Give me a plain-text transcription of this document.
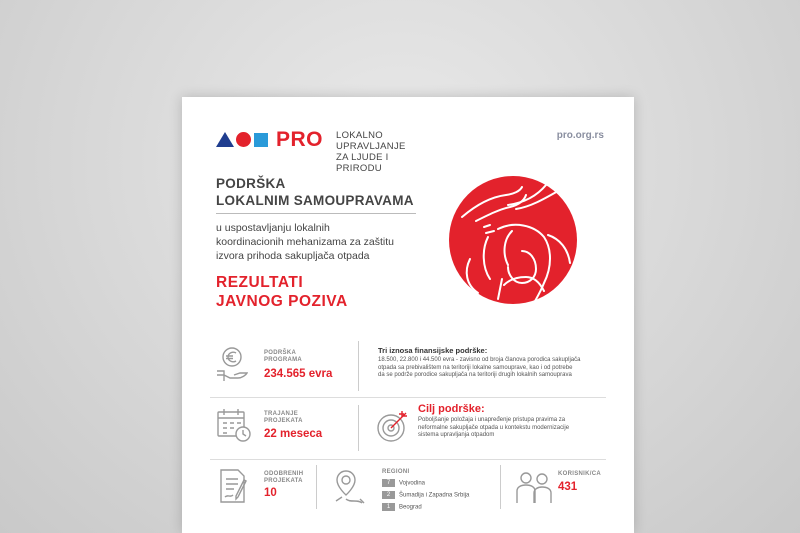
PRO LOKALNO UPRAVLJANJE
ZA LJUDE I PRIRODU
pro.org.rs
PODRŠKA
LOKALNIM SAMOUPRAVAMA
u uspostavljanju lokalnih
koordinacionih mehanizama za zaštitu
izvora prihoda sakupljača otpada
REZULTATI
JAVNOG POZIVA
PODRŠKA
PROGRAMA
234.565 evra
Tri iznosa finansijske podrške:
18.500, 22.800 i 44.500 evra - zavisno od broja članova porodica sakupljača
otpada sa prebivalištem na teritoriji lokalne samouprave, kao i od potrebe
da se podrže porodice sakupljača na teritoriji drugih lokalnih samouprava
TRAJANJE
PROJEKATA
22 meseca
Cilj podrške:
Poboljšanje položaja i unapređenje pristupa pravima za
neformalne sakupljače otpada u kontekstu modernizacije
sistema upravljanja otpadom
ODOBRENIH
PROJEKATA
10
REGIONI
7 Vojvodina
2 Šumadija i Zapadna Srbija
1 Beograd
KORISNIK/CA
431
